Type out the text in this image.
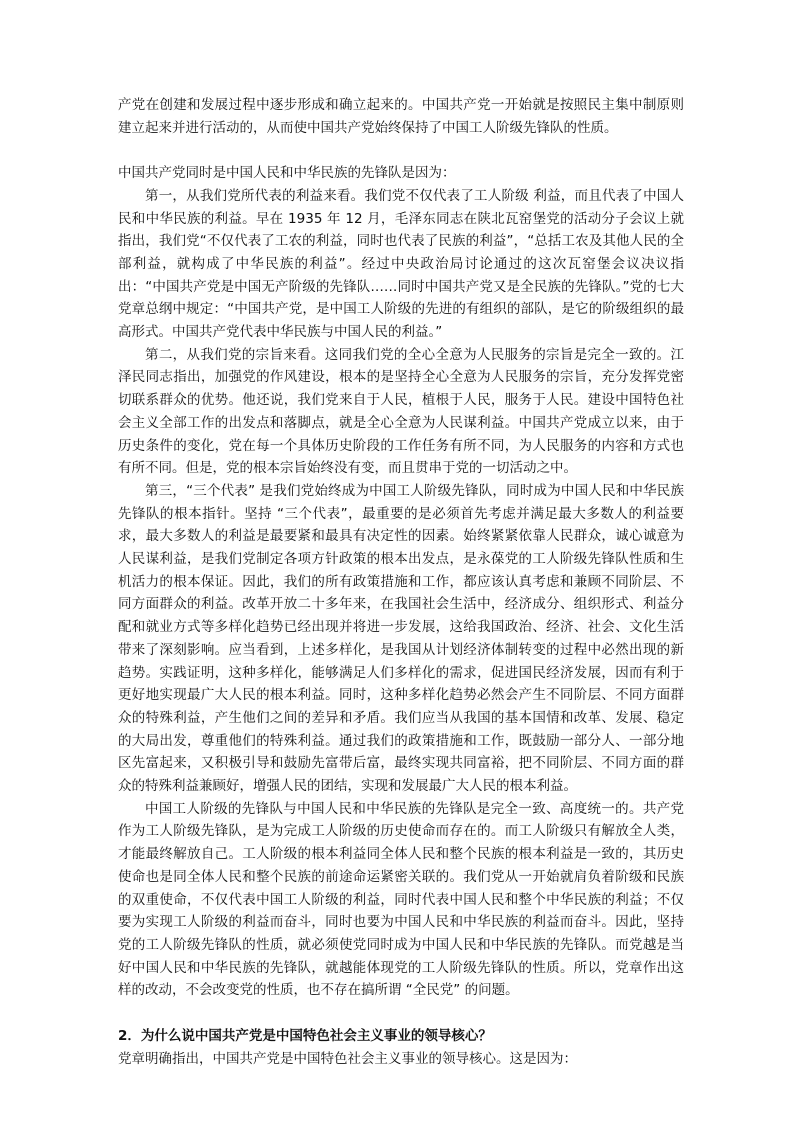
产党在创建和发展过程中逐步形成和确立起来的。中国共产党一开始就是按照民主集中制原则建立起来并进行活动的，从而使中国共产党始终保持了中国工人阶级先锋队的性质。

中国共产党同时是中国人民和中华民族的先锋队是因为：

第一，从我们党所代表的利益来看。我们党不仅代表了工人阶级 利益，而且代表了中国人民和中华民族的利益。早在 1935 年 12 月，毛泽东同志在陕北瓦窑堡党的活动分子会议上就指出，我们党“不仅代表了工农的利益，同时也代表了民族的利益”，“总括工农及其他人民的全部利益，就构成了中华民族的利益”。经过中央政治局讨论通过的这次瓦窑堡会议决议指出：“中国共产党是中国无产阶级的先锋队……同时中国共产党又是全民族的先锋队。”党的七大党章总纲中规定：“中国共产党，是中国工人阶级的先进的有组织的部队，是它的阶级组织的最高形式。中国共产党代表中华民族与中国人民的利益。”

第二，从我们党的宗旨来看。这同我们党的全心全意为人民服务的宗旨是完全一致的。江泽民同志指出，加强党的作风建设，根本的是坚持全心全意为人民服务的宗旨，充分发挥党密切联系群众的优势。他还说，我们党来自于人民，植根于人民，服务于人民。建设中国特色社会主义全部工作的出发点和落脚点，就是全心全意为人民谋利益。中国共产党成立以来，由于历史条件的变化，党在每一个具体历史阶段的工作任务有所不同，为人民服务的内容和方式也有所不同。但是，党的根本宗旨始终没有变，而且贯串于党的一切活动之中。

第三，“三个代表” 是我们党始终成为中国工人阶级先锋队，同时成为中国人民和中华民族先锋队的根本指针。坚持 “三个代表”，最重要的是必须首先考虑并满足最大多数人的利益要求，最大多数人的利益是最要紧和最具有决定性的因素。始终紧紧依靠人民群众，诚心诚意为人民谋利益，是我们党制定各项方针政策的根本出发点，是永葆党的工人阶级先锋队性质和生机活力的根本保证。因此，我们的所有政策措施和工作，都应该认真考虑和兼顾不同阶层、不同方面群众的利益。改革开放二十多年来，在我国社会生活中，经济成分、组织形式、利益分配和就业方式等多样化趋势已经出现并将进一步发展，这给我国政治、经济、社会、文化生活带来了深刻影响。应当看到，上述多样化，是我国从计划经济体制转变的过程中必然出现的新趋势。实践证明，这种多样化，能够满足人们多样化的需求，促进国民经济发展，因而有利于更好地实现最广大人民的根本利益。同时，这种多样化趋势必然会产生不同阶层、不同方面群众的特殊利益，产生他们之间的差异和矛盾。我们应当从我国的基本国情和改革、发展、稳定的大局出发，尊重他们的特殊利益。通过我们的政策措施和工作，既鼓励一部分人、一部分地区先富起来，又积极引导和鼓励先富带后富，最终实现共同富裕，把不同阶层、不同方面的群众的特殊利益兼顾好，增强人民的团结，实现和发展最广大人民的根本利益。

中国工人阶级的先锋队与中国人民和中华民族的先锋队是完全一致、高度统一的。共产党作为工人阶级先锋队，是为完成工人阶级的历史使命而存在的。而工人阶级只有解放全人类，才能最终解放自己。工人阶级的根本利益同全体人民和整个民族的根本利益是一致的，其历史使命也是同全体人民和整个民族的前途命运紧密关联的。我们党从一开始就肩负着阶级和民族的双重使命，不仅代表中国工人阶级的利益，同时代表中国人民和整个中华民族的利益；不仅要为实现工人阶级的利益而奋斗，同时也要为中国人民和中华民族的利益而奋斗。因此，坚持党的工人阶级先锋队的性质，就必须使党同时成为中国人民和中华民族的先锋队。而党越是当好中国人民和中华民族的先锋队，就越能体现党的工人阶级先锋队的性质。所以，党章作出这样的改动，不会改变党的性质，也不存在搞所谓 “全民党” 的问题。

2．为什么说中国共产党是中国特色社会主义事业的领导核心？

党章明确指出，中国共产党是中国特色社会主义事业的领导核心。这是因为：
